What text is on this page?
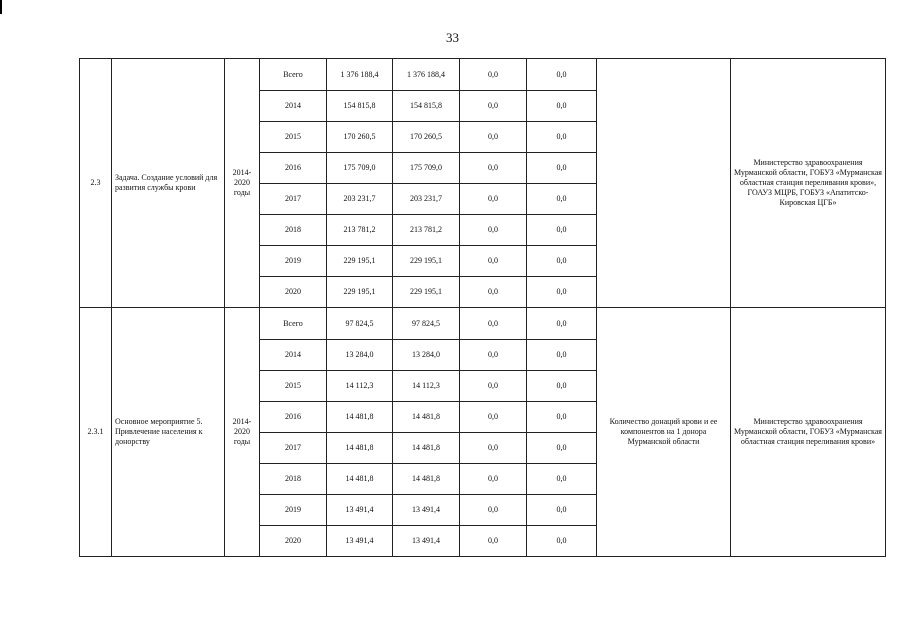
33
2.3	Задача. Создание условий для развития службы крови	2014-2020 годы	Всего	1 376 188,4	1 376 188,4	0,0	0,0		Министерство здравоохранения Мурманской области, ГОБУЗ «Мурманская областная станция переливания крови», ГОАУЗ МЦРБ, ГОБУЗ «Апатитско-Кировская ЦГБ»
			2014	154 815,8	154 815,8	0,0	0,0		
			2015	170 260,5	170 260,5	0,0	0,0		
			2016	175 709,0	175 709,0	0,0	0,0		
			2017	203 231,7	203 231,7	0,0	0,0		
			2018	213 781,2	213 781,2	0,0	0,0		
			2019	229 195,1	229 195,1	0,0	0,0		
			2020	229 195,1	229 195,1	0,0	0,0		
2.3.1	Основное мероприятие 5. Привлечение населения к донорству	2014-2020 годы	Всего	97 824,5	97 824,5	0,0	0,0	Количество донаций крови и ее компонентов на 1 донора Мурманской области	Министерство здравоохранения Мурманской области, ГОБУЗ «Мурманская областная станция переливания крови»
			2014	13 284,0	13 284,0	0,0	0,0		
			2015	14 112,3	14 112,3	0,0	0,0		
			2016	14 481,8	14 481,8	0,0	0,0		
			2017	14 481,8	14 481,8	0,0	0,0		
			2018	14 481,8	14 481,8	0,0	0,0		
			2019	13 491,4	13 491,4	0,0	0,0		
			2020	13 491,4	13 491,4	0,0	0,0		
